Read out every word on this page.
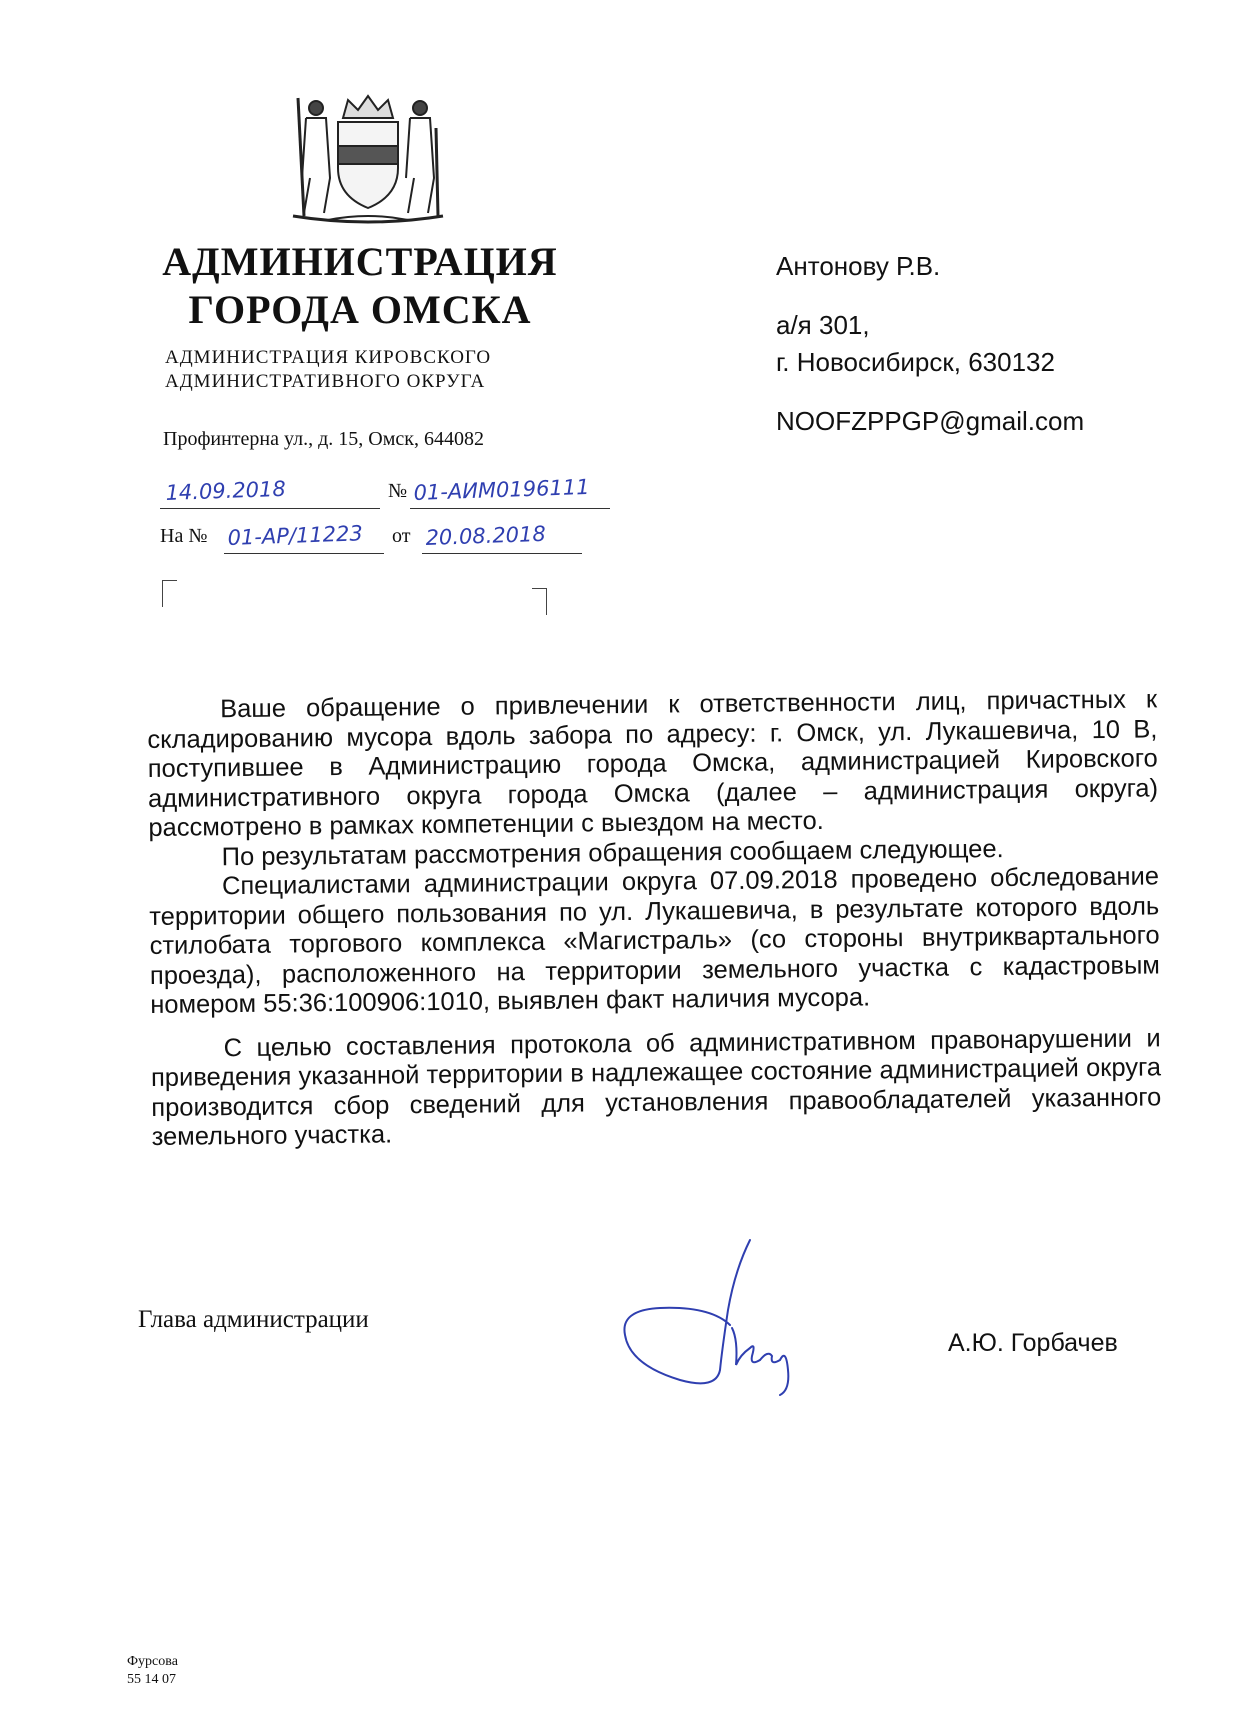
АДМИНИСТРАЦИЯ
ГОРОДА ОМСКА
АДМИНИСТРАЦИЯ КИРОВСКОГО
АДМИНИСТРАТИВНОГО ОКРУГА
Профинтерна ул., д. 15, Омск, 644082
14.09.2018	№ 01-АИМ0196111
На № 01-АР/11223 от 20.08.2018
Антонову Р.В.
а/я 301,
г. Новосибирск, 630132
NOOFZPPGP@gmail.com

Ваше обращение о привлечении к ответственности лиц, причастных к складированию мусора вдоль забора по адресу: г. Омск, ул. Лукашевича, 10 В, поступившее в Администрацию города Омска, администрацией Кировского административного округа города Омска (далее – администрация округа) рассмотрено в рамках компетенции с выездом на место.

По результатам рассмотрения обращения сообщаем следующее.

Специалистами администрации округа 07.09.2018 проведено обследование территории общего пользования по ул. Лукашевича, в результате которого вдоль стилобата торгового комплекса «Магистраль» (со стороны внутриквартального проезда), расположенного на территории земельного участка с кадастровым номером 55:36:100906:1010, выявлен факт наличия мусора.

С целью составления протокола об административном правонарушении и приведения указанной территории в надлежащее состояние администрацией округа производится сбор сведений для установления правообладателей указанного земельного участка.

Глава администрации
А.Ю. Горбачев
Фурсова
55 14 07
